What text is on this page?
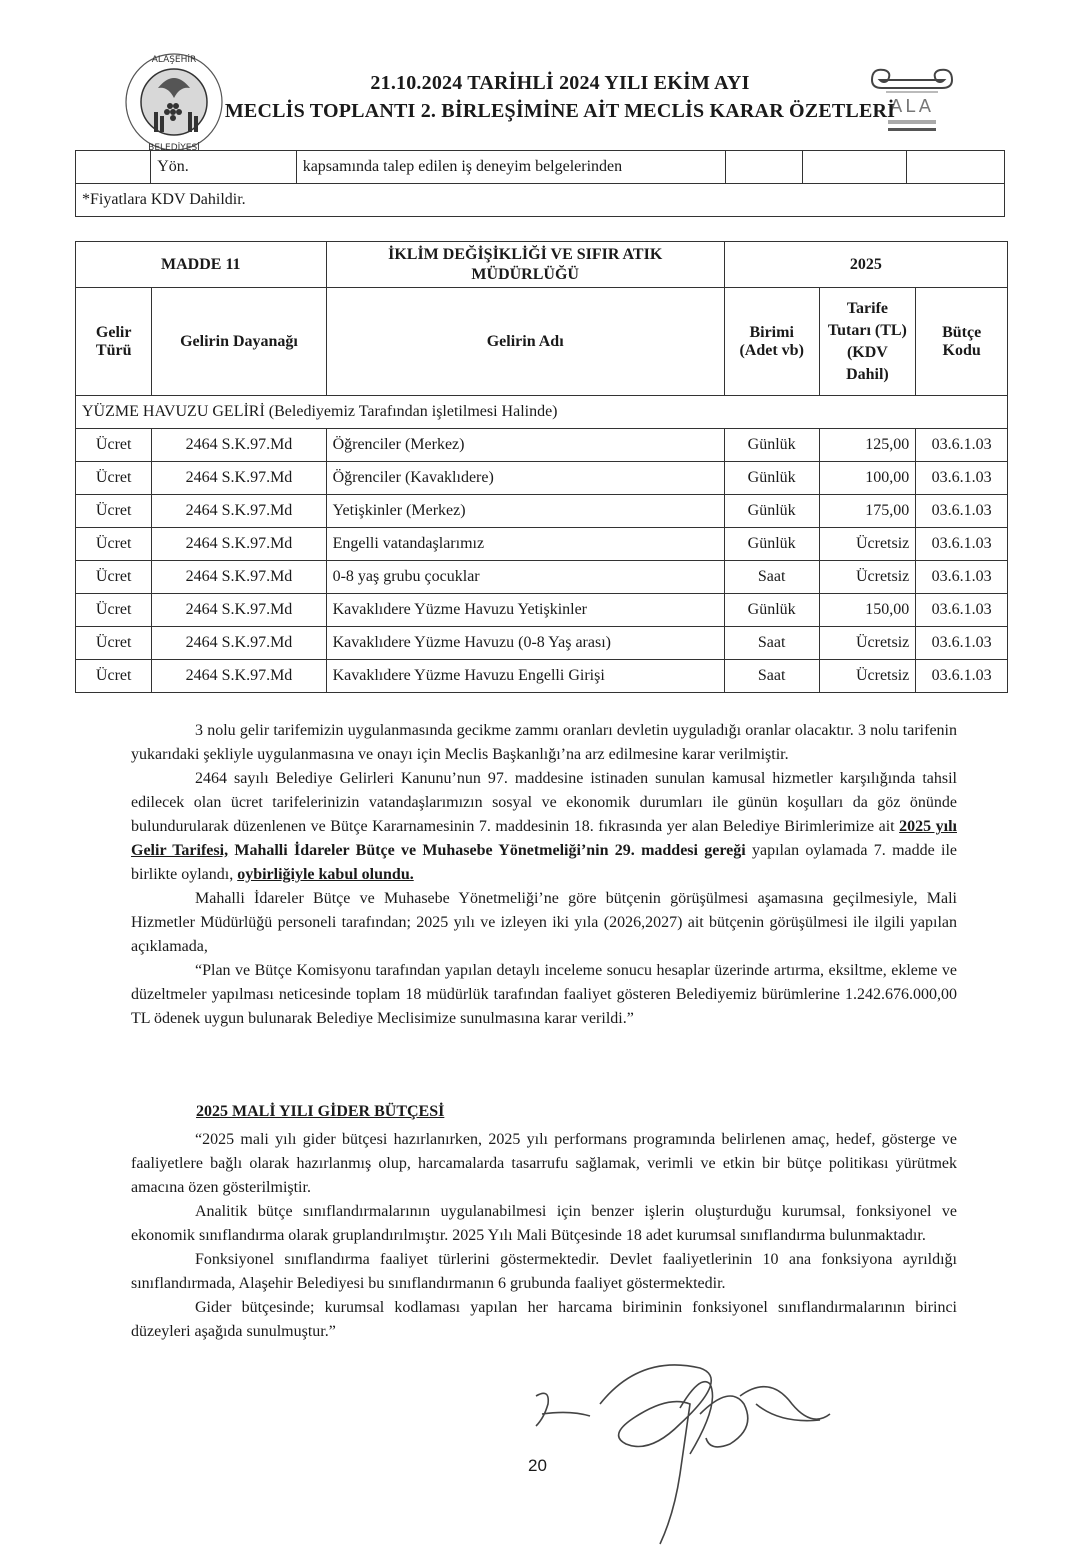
ALAŞEHİR
BELEDİYESİ
ALA
21.10.2024 TARİHLİ 2024 YILI EKİM AYI
MECLİS TOPLANTI 2. BİRLEŞİMİNE AİT MECLİS KARAR ÖZETLERİ
	Yön.	kapsamında talep edilen iş deneyim belgelerinden			
*Fiyatlara KDV Dahildir.
MADDE 11		İKLİM DEĞİŞİKLİĞİ VE SIFIR ATIK MÜDÜRLÜĞÜ	2025		
Gelir Türü	Gelirin Dayanağı	Gelirin Adı	Birimi (Adet vb)	Tarife Tutarı (TL) (KDV Dahil)	Bütçe Kodu
YÜZME HAVUZU GELİRİ (Belediyemiz Tarafından işletilmesi Halinde)					
Ücret	2464 S.K.97.Md	Öğrenciler (Merkez)	Günlük	125,00	03.6.1.03
Ücret	2464 S.K.97.Md	Öğrenciler (Kavaklıdere)	Günlük	100,00	03.6.1.03
Ücret	2464 S.K.97.Md	Yetişkinler (Merkez)	Günlük	175,00	03.6.1.03
Ücret	2464 S.K.97.Md	Engelli vatandaşlarımız	Günlük	Ücretsiz	03.6.1.03
Ücret	2464 S.K.97.Md	0-8 yaş grubu çocuklar	Saat	Ücretsiz	03.6.1.03
Ücret	2464 S.K.97.Md	Kavaklıdere Yüzme Havuzu Yetişkinler	Günlük	150,00	03.6.1.03
Ücret	2464 S.K.97.Md	Kavaklıdere Yüzme Havuzu (0-8 Yaş arası)	Saat	Ücretsiz	03.6.1.03
Ücret	2464 S.K.97.Md	Kavaklıdere Yüzme Havuzu Engelli Girişi	Saat	Ücretsiz	03.6.1.03

3 nolu gelir tarifemizin uygulanmasında gecikme zammı oranları devletin uyguladığı oranlar olacaktır. 3 nolu tarifenin yukarıdaki şekliyle uygulanmasına ve onayı için Meclis Başkanlığı’na arz edilmesine karar verilmiştir.

2464 sayılı Belediye Gelirleri Kanunu’nun 97. maddesine istinaden sunulan kamusal hizmetler karşılığında tahsil edilecek olan ücret tarifelerinizin vatandaşlarımızın sosyal ve ekonomik durumları ile günün koşulları da göz önünde bulundurularak düzenlenen ve Bütçe Kararnamesinin 7. maddesinin 18. fıkrasında yer alan Belediye Birimlerimize ait 2025 yılı Gelir Tarifesi, Mahalli İdareler Bütçe ve Muhasebe Yönetmeliği’nin 29. maddesi gereği yapılan oylamada 7. madde ile birlikte oylandı, oybirliğiyle kabul olundu.

Mahalli İdareler Bütçe ve Muhasebe Yönetmeliği’ne göre bütçenin görüşülmesi aşamasına geçilmesiyle, Mali Hizmetler Müdürlüğü personeli tarafından; 2025 yılı ve izleyen iki yıla (2026,2027) ait bütçenin görüşülmesi ile ilgili yapılan açıklamada,

“Plan ve Bütçe Komisyonu tarafından yapılan detaylı inceleme sonucu hesaplar üzerinde artırma, eksiltme, ekleme ve düzeltmeler yapılması neticesinde toplam 18 müdürlük tarafından faaliyet gösteren Belediyemiz bürümlerine 1.242.676.000,00 TL ödenek uygun bulunarak Belediye Meclisimize sunulmasına karar verildi.”

2025 MALİ YILI GİDER BÜTÇESİ

“2025 mali yılı gider bütçesi hazırlanırken, 2025 yılı performans programında belirlenen amaç, hedef, gösterge ve faaliyetlere bağlı olarak hazırlanmış olup, harcamalarda tasarrufu sağlamak, verimli ve etkin bir bütçe politikası yürütmek amacına özen gösterilmiştir.

Analitik bütçe sınıflandırmalarının uygulanabilmesi için benzer işlerin oluşturduğu kurumsal, fonksiyonel ve ekonomik sınıflandırma olarak gruplandırılmıştır. 2025 Yılı Mali Bütçesinde 18 adet kurumsal sınıflandırma bulunmaktadır.

Fonksiyonel sınıflandırma faaliyet türlerini göstermektedir. Devlet faaliyetlerinin 10 ana fonksiyona ayrıldığı sınıflandırmada, Alaşehir Belediyesi bu sınıflandırmanın 6 grubunda faaliyet göstermektedir.

Gider bütçesinde; kurumsal kodlaması yapılan her harcama biriminin fonksiyonel sınıflandırmalarının birinci düzeyleri aşağıda sunulmuştur.”

20
